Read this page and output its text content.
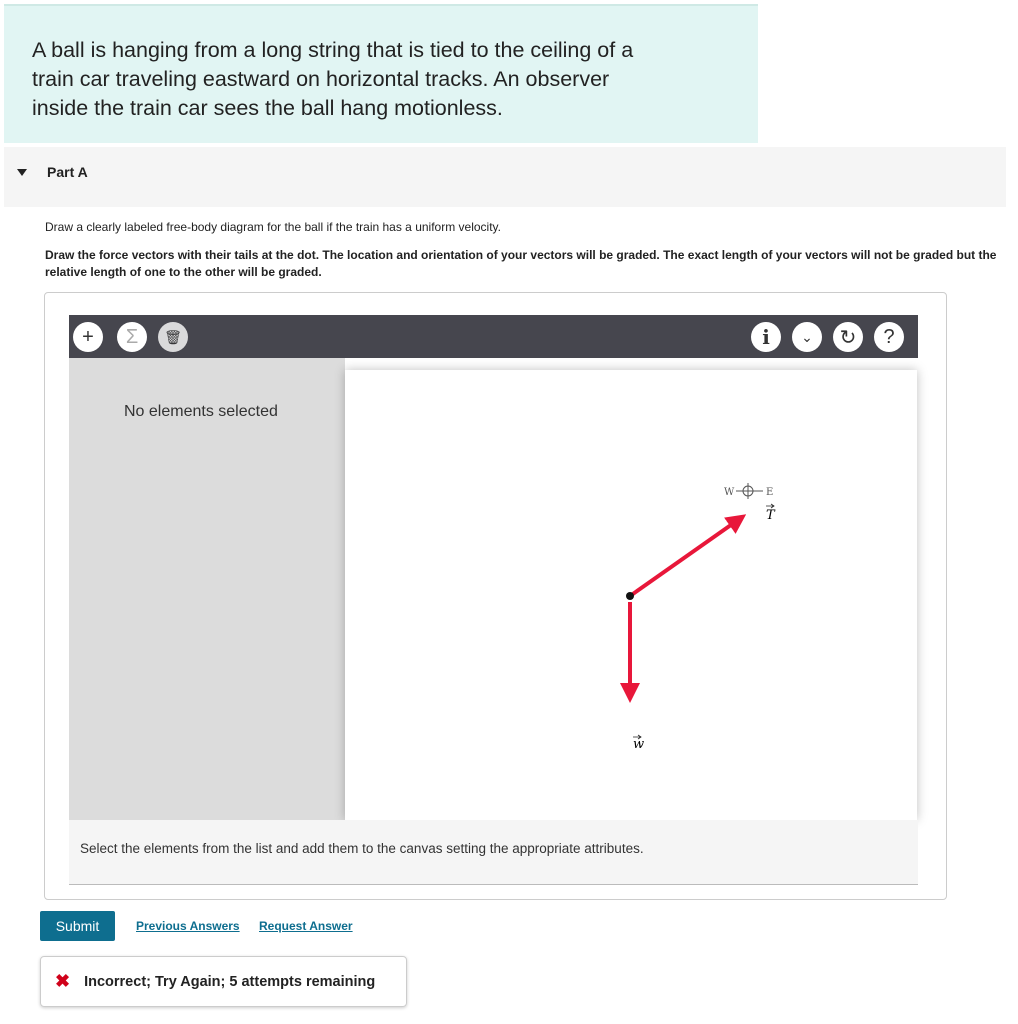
A ball is hanging from a long string that is tied to the ceiling of a
train car traveling eastward on horizontal tracks. An observer
inside the train car sees the ball hang motionless.
Part A
Draw a clearly labeled free-body diagram for the ball if the train has a uniform velocity.
Draw the force vectors with their tails at the dot. The location and orientation of your vectors will be graded. The exact length of your vectors will not be graded but the relative length of one to the other will be graded.
+	Σ	🗑	i	⌄	↻	?
No elements selected
W	E
T
w
Select the elements from the list and add them to the canvas setting the appropriate attributes.
Submit	Previous Answers Request Answer
✖ Incorrect; Try Again; 5 attempts remaining
